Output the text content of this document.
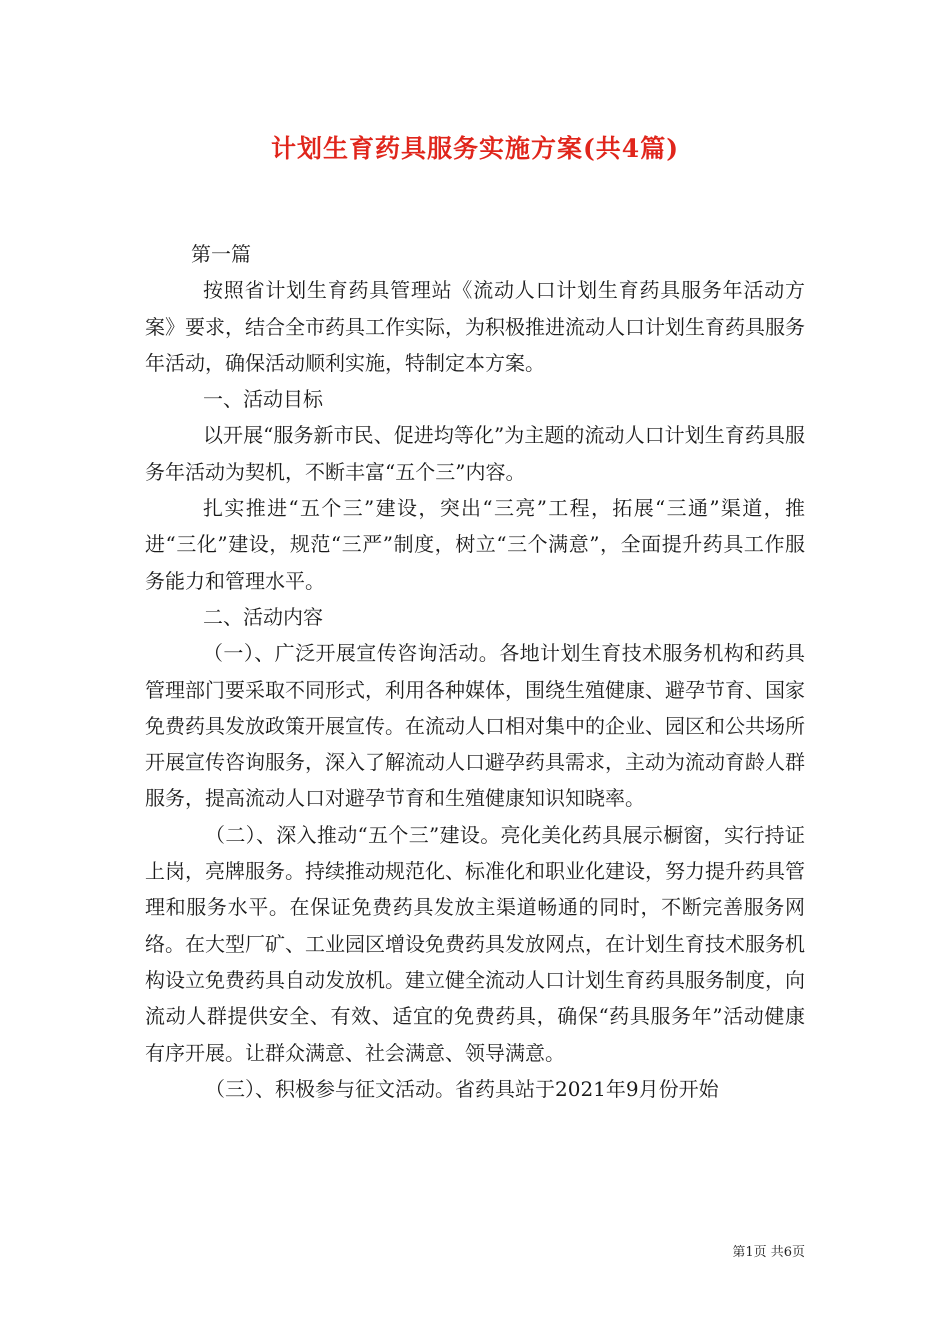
计划生育药具服务实施方案(共4篇)

第一篇

按照省计划生育药具管理站《流动人口计划生育药具服务年活动方案》要求，结合全市药具工作实际，为积极推进流动人口计划生育药具服务年活动，确保活动顺利实施，特制定本方案。

一、活动目标

以开展“服务新市民、促进均等化”为主题的流动人口计划生育药具服务年活动为契机，不断丰富“五个三”内容。

扎实推进“五个三”建设，突出“三亮”工程，拓展“三通”渠道，推进“三化”建设，规范“三严”制度，树立“三个满意”，全面提升药具工作服务能力和管理水平。

二、活动内容

（一）、广泛开展宣传咨询活动。各地计划生育技术服务机构和药具管理部门要采取不同形式，利用各种媒体，围绕生殖健康、避孕节育、国家免费药具发放政策开展宣传。在流动人口相对集中的企业、园区和公共场所开展宣传咨询服务，深入了解流动人口避孕药具需求，主动为流动育龄人群服务，提高流动人口对避孕节育和生殖健康知识知晓率。

（二）、深入推动“五个三”建设。亮化美化药具展示橱窗，实行持证上岗，亮牌服务。持续推动规范化、标准化和职业化建设，努力提升药具管理和服务水平。在保证免费药具发放主渠道畅通的同时，不断完善服务网络。在大型厂矿、工业园区增设免费药具发放网点，在计划生育技术服务机构设立免费药具自动发放机。建立健全流动人口计划生育药具服务制度，向流动人群提供安全、有效、适宜的免费药具，确保“药具服务年”活动健康有序开展。让群众满意、社会满意、领导满意。

（三）、积极参与征文活动。省药具站于2021年9月份开始

第1页 共6页
